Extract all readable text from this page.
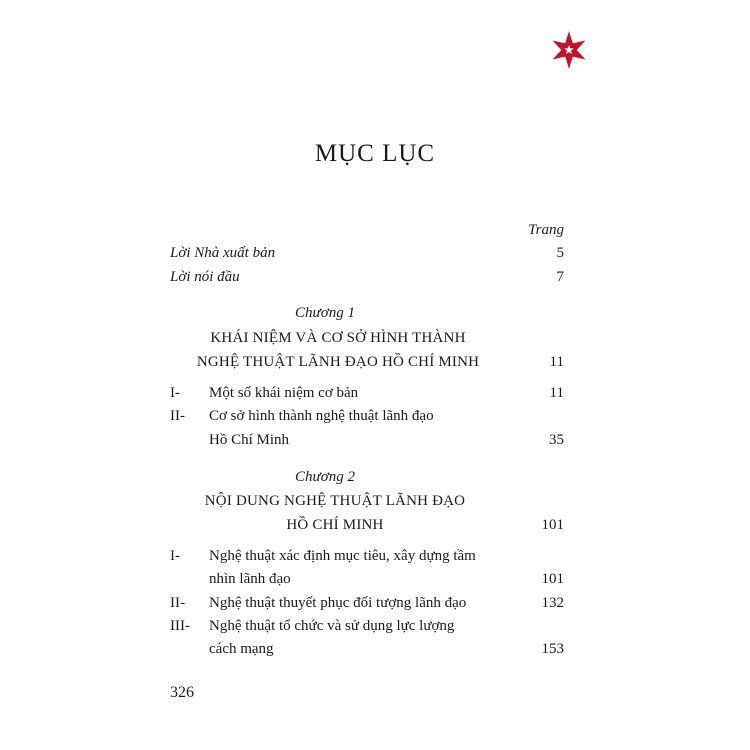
MỤC LỤC
Trang
Lời Nhà xuất bản	5
Lời nói đầu	7
Chương 1
KHÁI NIỆM VÀ CƠ SỞ HÌNH THÀNH
NGHỆ THUẬT LÃNH ĐẠO HỒ CHÍ MINH	11
I- Một số khái niệm cơ bản	11
II- Cơ sở hình thành nghệ thuật lãnh đạo
Hồ Chí Minh	35
Chương 2
NỘI DUNG NGHỆ THUẬT LÃNH ĐẠO
HỒ CHÍ MINH	101
I- Nghệ thuật xác định mục tiêu, xây dựng tầm
nhìn lãnh đạo	101
II- Nghệ thuật thuyết phục đối tượng lãnh đạo	132
III- Nghệ thuật tổ chức và sử dụng lực lượng
cách mạng	153
326
